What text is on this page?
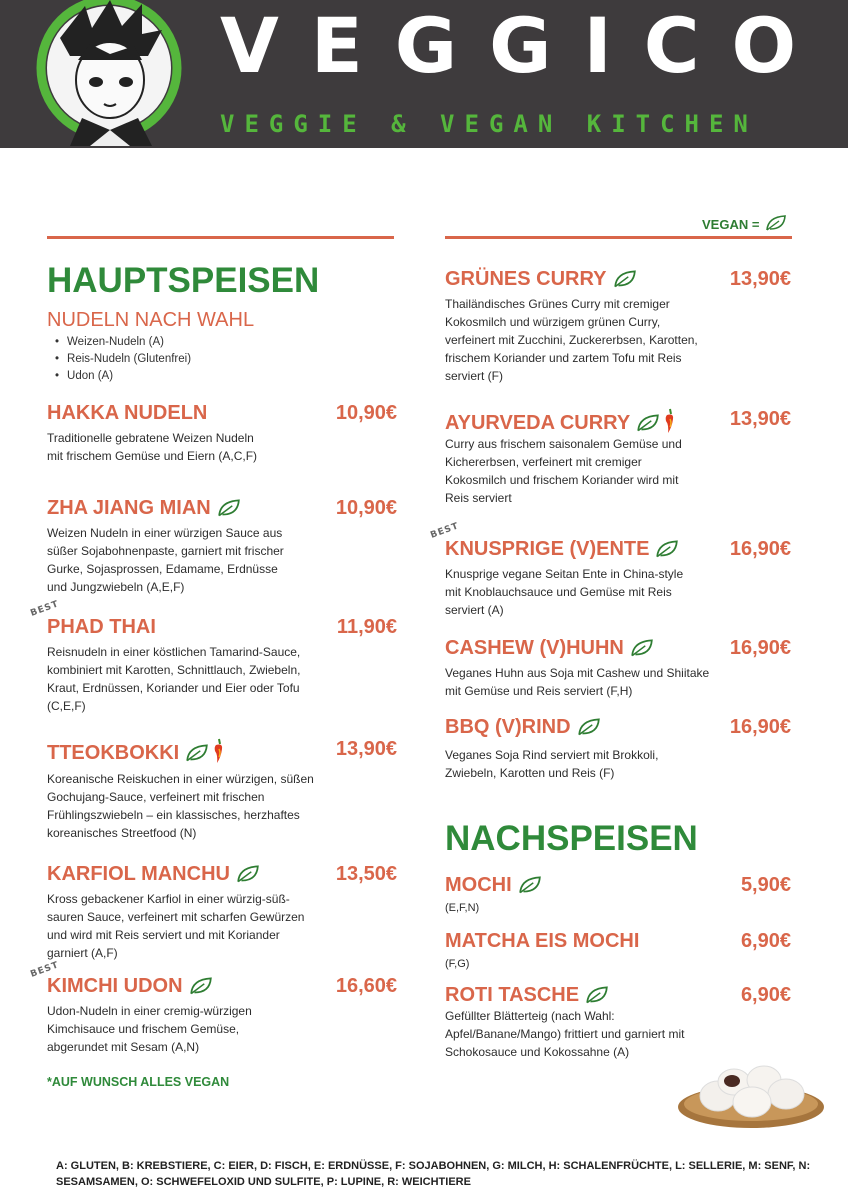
VEGGICO
VEGGIE & VEGAN KITCHEN
VEGAN =
HAUPTSPEISEN
NUDELN NACH WAHL
• Weizen-Nudeln (A)
• Reis-Nudeln (Glutenfrei)
• Udon (A)
HAKKA NUDELN	10,90€
Traditionelle gebratene Weizen Nudeln mit frischem Gemüse und Eiern (A,C,F)
ZHA JIANG MIAN	10,90€
Weizen Nudeln in einer würzigen Sauce aus süßer Sojabohnenpaste, garniert mit frischer Gurke, Sojasprossen, Edamame, Erdnüsse und Jungzwiebeln (A,E,F)
BEST
PHAD THAI	11,90€
Reisnudeln in einer köstlichen Tamarind-Sauce, kombiniert mit Karotten, Schnittlauch, Zwiebeln, Kraut, Erdnüssen, Koriander und Eier oder Tofu (C,E,F)
TTEOKBOKKI	13,90€
Koreanische Reiskuchen in einer würzigen, süßen Gochujang-Sauce, verfeinert mit frischen Frühlingszwiebeln – ein klassisches, herzhaftes koreanisches Streetfood (N)
KARFIOL MANCHU	13,50€
Kross gebackener Karfiol in einer würzig-süß-sauren Sauce, verfeinert mit scharfen Gewürzen und wird mit Reis serviert und mit Koriander garniert (A,F)
BEST
KIMCHI UDON	16,60€
Udon-Nudeln in einer cremig-würzigen Kimchisauce und frischem Gemüse, abgerundet mit Sesam (A,N)
*AUF WUNSCH ALLES VEGAN
GRÜNES CURRY	13,90€
Thailändisches Grünes Curry mit cremiger Kokosmilch und würzigem grünen Curry, verfeinert mit Zucchini, Zuckererbsen, Karotten, frischem Koriander und zartem Tofu mit Reis serviert (F)
AYURVEDA CURRY	13,90€
Curry aus frischem saisonalem Gemüse und Kichererbsen, verfeinert mit cremiger Kokosmilch und frischem Koriander wird mit Reis serviert
BEST
KNUSPRIGE (V)ENTE	16,90€
Knusprige vegane Seitan Ente in China-style mit Knoblauchsauce und Gemüse mit Reis serviert (A)
CASHEW (V)HUHN	16,90€
Veganes Huhn aus Soja mit Cashew und Shiitake mit Gemüse und Reis serviert (F,H)
BBQ (V)RIND	16,90€
Veganes Soja Rind serviert mit Brokkoli, Zwiebeln, Karotten und Reis (F)
NACHSPEISEN
MOCHI	5,90€
(E,F,N)
MATCHA EIS MOCHI	6,90€
(F,G)
ROTI TASCHE	6,90€
Gefüllter Blätterteig (nach Wahl: Apfel/Banane/Mango) frittiert und garniert mit Schokosauce und Kokossahne (A)
A: GLUTEN, B: KREBSTIERE, C: EIER, D: FISCH, E: ERDNÜSSE, F: SOJABOHNEN, G: MILCH, H: SCHALENFRÜCHTE, L: SELLERIE, M: SENF, N: SESAMSAMEN, O: SCHWEFELOXID UND SULFITE, P: LUPINE, R: WEICHTIERE
